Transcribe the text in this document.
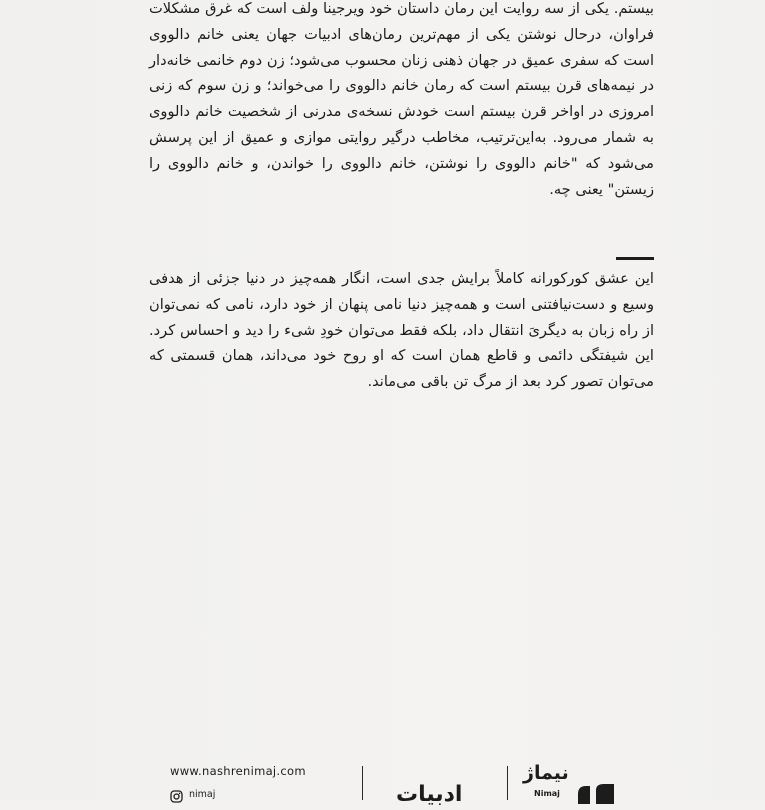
بیستم. یکی از سه روایت این رمان داستان خود ویرجینا ولف است که غرق مشکلات فراوان، درحال نوشتن یکی از مهم‌ترین رمان‌های ادبیات جهان یعنی خانم دالووی است که سفری عمیق در جهان ذهنی زنان محسوب می‌شود؛ زن دوم خانمی خانه‌دار در نیمه‌های قرن بیستم است که رمان خانم دالووی را می‌خواند؛ و زن سوم که زنی امروزی در اواخر قرن بیستم است خودش نسخه‌ی مدرنی از شخصیت خانم دالووی به شمار می‌رود. به‌این‌ترتیب، مخاطب درگیر روایتی موازی و عمیق از این پرسش می‌شود که "خانم دالووی را نوشتن، خانم دالووی را خواندن، و خانم دالووی را زیستن" یعنی چه.

این عشق کورکورانه کاملاً برایش جدی است، انگار همه‌چیز در دنیا جزئی از هدفی وسیع و دست‌نیافتنی است و همه‌چیز دنیا نامی پنهان از خود دارد، نامی که نمی‌توان از راه زبان به دیگریَ انتقال داد، بلکه فقط می‌توان خودِ شیء را دید و احساس کرد. این شیفتگی دائمی و قاطع همان است که او روح خود می‌داند، همان قسمتی که می‌توان تصور کرد بعد از مرگ تن باقی می‌ماند.

www.nashrenimaj.com
nimaj	ادبیات
نیماژ
Nimaj
